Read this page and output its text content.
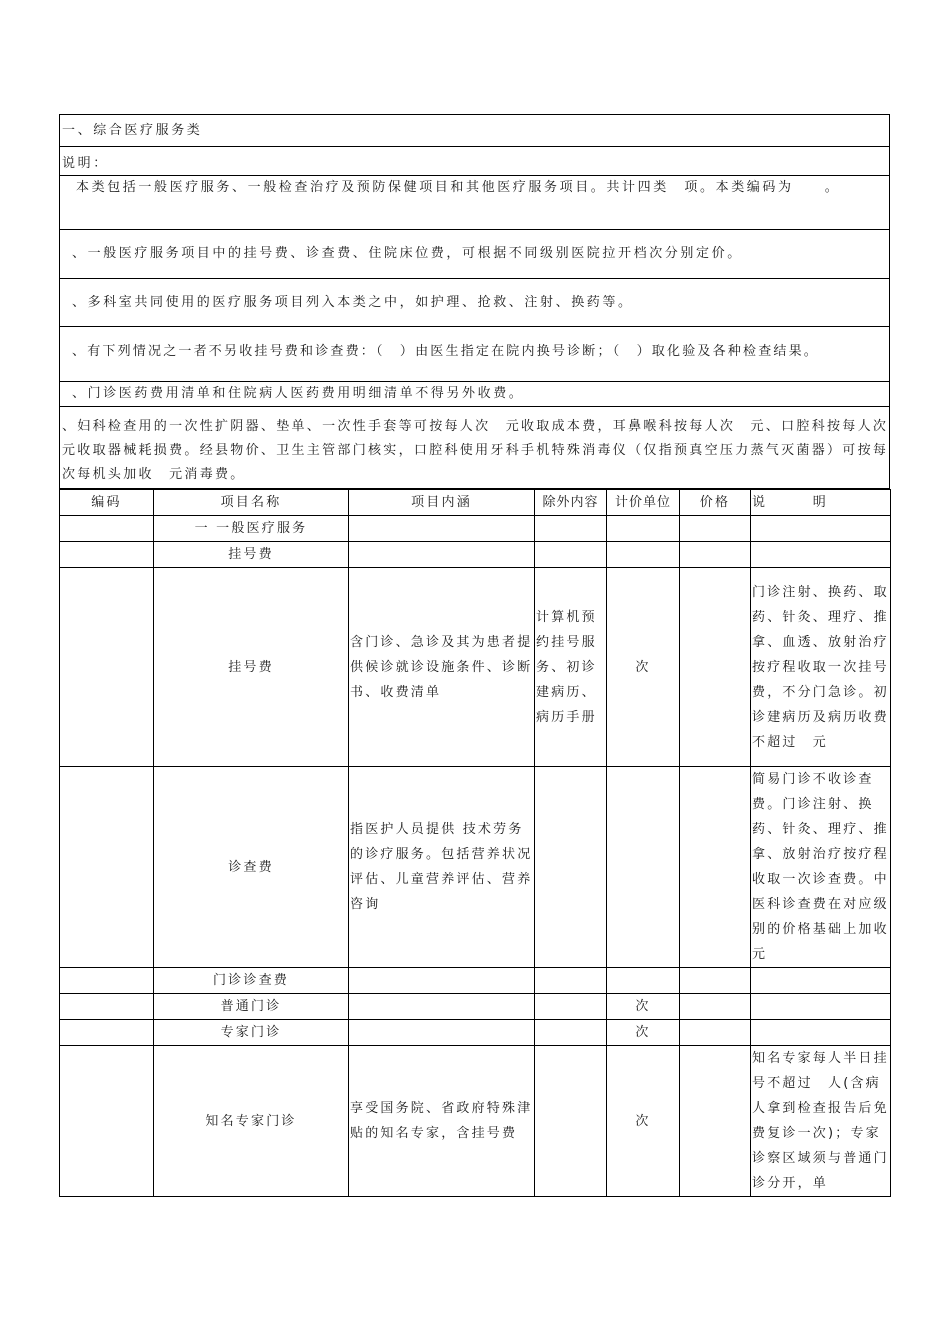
一、综合医疗服务类
说明：
本类包括一般医疗服务、一般检查治疗及预防保健项目和其他医疗服务项目。共计四类　项。本类编码为　　。
、一般医疗服务项目中的挂号费、诊查费、住院床位费，可根据不同级别医院拉开档次分别定价。
、多科室共同使用的医疗服务项目列入本类之中，如护理、抢救、注射、换药等。
、有下列情况之一者不另收挂号费和诊查费：（　）由医生指定在院内换号诊断；（　）取化验及各种检查结果。
、门诊医药费用清单和住院病人医药费用明细清单不得另外收费。
、妇科检查用的一次性扩阴器、垫单、一次性手套等可按每人次　元收取成本费，耳鼻喉科按每人次　元、口腔科按每人次　元收取器械耗损费。经县物价、卫生主管部门核实，口腔科使用牙科手机特殊消毒仪（仅指预真空压力蒸气灭菌器）可按每次每机头加收　元消毒费。
编码	项目名称	项目内涵	除外内容	计价单位	价格	说　　　明
	一 一般医疗服务					
	挂号费					
	挂号费	含门诊、急诊及其为患者提供候诊就诊设施条件、诊断书、收费清单	计算机预约挂号服务、初诊建病历、病历手册	次		门诊注射、换药、取药、针灸、理疗、推拿、血透、放射治疗按疗程收取一次挂号费，不分门急诊。初诊建病历及病历收费不超过　元
	诊查费	指医护人员提供 技术劳务 的诊疗服务。包括营养状况评估、儿童营养评估、营养咨询				简易门诊不收诊查费。门诊注射、换药、针灸、理疗、推拿、放射治疗按疗程收取一次诊查费。中医科诊查费在对应级别的价格基础上加收　元
	门诊诊查费					
	普通门诊			次		
	专家门诊			次		
	知名专家门诊	享受国务院、省政府特殊津贴的知名专家，含挂号费		次		知名专家每人半日挂号不超过　人(含病人拿到检查报告后免费复诊一次)；专家诊察区域须与普通门诊分开，单
